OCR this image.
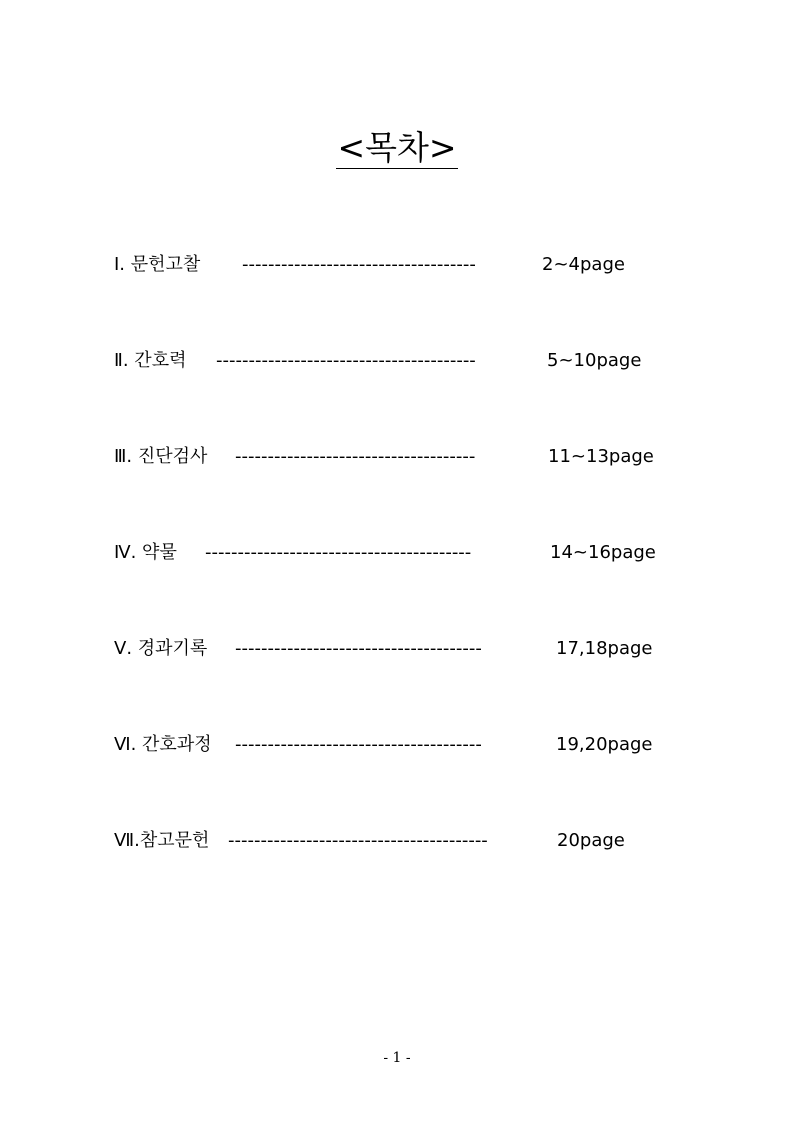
<목차>
Ⅰ. 문헌고찰 ------------------------------------	2~4page
Ⅱ. 간호력 ----------------------------------------	5~10page
Ⅲ. 진단검사 -------------------------------------	11~13page
Ⅳ. 약물 -----------------------------------------	14~16page
Ⅴ. 경과기록 --------------------------------------	17,18page
Ⅵ. 간호과정 --------------------------------------	19,20page
Ⅶ.참고문헌 ----------------------------------------	20page
- 1 -
